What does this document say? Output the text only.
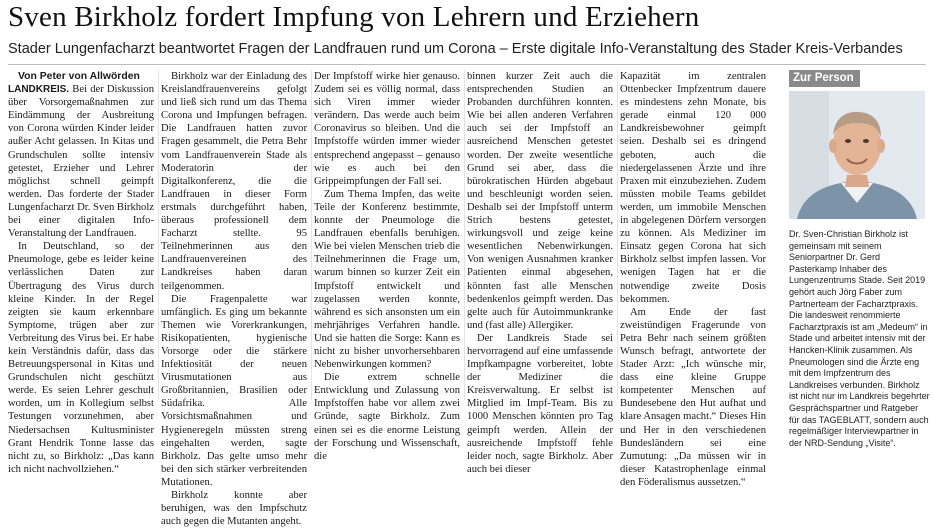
Sven Birkholz fordert Impfung von Lehrern und Erziehern
Stader Lungenfacharzt beantwortet Fragen der Landfrauen rund um Corona – Erste digitale Info-Veranstaltung des Stader Kreis-Verbandes

Von Peter von Allwörden

LANDKREIS. Bei der Diskussion über Vorsorgemaßnahmen zur Eindämmung der Ausbreitung von Corona würden Kinder leider außer Acht gelassen. In Kitas und Grundschulen sollte intensiv getestet, Erzieher und Lehrer möglichst schnell geimpft werden. Das forderte der Stader Lungenfacharzt Dr. Sven Birkholz bei einer digitalen Info-Veranstaltung der Landfrauen.

In Deutschland, so der Pneumologe, gebe es leider keine verlässlichen Daten zur Übertragung des Virus durch kleine Kinder. In der Regel zeigten sie kaum erkennbare Symptome, trügen aber zur Verbreitung des Virus bei. Er habe kein Verständnis dafür, dass das Betreuungspersonal in Kitas und Grundschulen nicht geschützt werde. Es seien Lehrer geschult worden, um in Kollegium selbst Testungen vorzunehmen, aber Niedersachsen Kultusminister Grant Hendrik Tonne lasse das nicht zu, so Birkholz: „Das kann ich nicht nachvollziehen.“

Birkholz war der Einladung des Kreislandfrauenvereins gefolgt und ließ sich rund um das Thema Corona und Impfungen befragen. Die Landfrauen hatten zuvor Fragen gesammelt, die Petra Behr vom Landfrauenverein Stade als Moderatorin der Digitalkonferenz, die die Landfrauen in dieser Form erstmals durchgeführt haben, überaus professionell dem Facharzt stellte. 95 Teilnehmerinnen aus den Landfrauenvereinen des Landkreises haben daran teilgenommen.

Die Fragenpalette war umfänglich. Es ging um bekannte Themen wie Vorerkrankungen, Risikopatienten, hygienische Vorsorge oder die stärkere Infektiosität der neuen Virusmutationen aus Großbritannien, Brasilien oder Südafrika. Alle Vorsichtsmaßnahmen und Hygieneregeln müssten streng eingehalten werden, sagte Birkholz. Das gelte umso mehr bei den sich stärker verbreitenden Mutationen.

Birkholz konnte aber beruhigen, was den Impfschutz auch gegen die Mutanten angeht.

Der Impfstoff wirke hier genauso. Zudem sei es völlig normal, dass sich Viren immer wieder verändern. Das werde auch beim Coronavirus so bleiben. Und die Impfstoffe würden immer wieder entsprechend angepasst – genauso wie es auch bei den Grippeimpfungen der Fall sei.

Zum Thema Impfen, das weite Teile der Konferenz bestimmte, konnte der Pneumologe die Landfrauen ebenfalls beruhigen. Wie bei vielen Menschen trieb die Teilnehmerinnen die Frage um, warum binnen so kurzer Zeit ein Impfstoff entwickelt und zugelassen werden konnte, während es sich ansonsten um ein mehrjähriges Verfahren handle. Und sie hatten die Sorge: Kann es nicht zu bisher unvorhersehbaren Nebenwirkungen kommen?

Die extrem schnelle Entwicklung und Zulassung von Impfstoffen habe vor allem zwei Gründe, sagte Birkholz. Zum einen sei es die enorme Leistung der Forschung und Wissenschaft, die

binnen kurzer Zeit auch die entsprechenden Studien an Probanden durchführen konnten. Wie bei allen anderen Verfahren auch sei der Impfstoff an ausreichend Menschen getestet worden. Der zweite wesentliche Grund sei aber, dass die bürokratischen Hürden abgebaut und beschleunigt worden seien. Deshalb sei der Impfstoff unterm Strich bestens getestet, wirkungsvoll und zeige keine wesentlichen Nebenwirkungen. Von wenigen Ausnahmen kranker Patienten einmal abgesehen, könnten fast alle Menschen bedenkenlos geimpft werden. Das gelte auch für Autoimmunkranke und (fast alle) Allergiker.

Der Landkreis Stade sei hervorragend auf eine umfassende Impfkampagne vorbereitet, lobte der Mediziner die Kreisverwaltung. Er selbst ist Mitglied im Impf-Team. Bis zu 1000 Menschen könnten pro Tag geimpft werden. Allein der ausreichende Impfstoff fehle leider noch, sagte Birkholz. Aber auch bei dieser

Kapazität im zentralen Ottenbecker Impfzentrum dauere es mindestens zehn Monate, bis gerade einmal 120 000 Landkreisbewohner geimpft seien. Deshalb sei es dringend geboten, auch die niedergelassenen Ärzte und ihre Praxen mit einzubeziehen. Zudem müssten mobile Teams gebildet werden, um immobile Menschen in abgelegenen Dörfern versorgen zu können. Als Mediziner im Einsatz gegen Corona hat sich Birkholz selbst impfen lassen. Vor wenigen Tagen hat er die notwendige zweite Dosis bekommen.

Am Ende der fast zweistündigen Fragerunde von Petra Behr nach seinem größten Wunsch befragt, antwortete der Stader Arzt: „Ich wünsche mir, dass eine kleine Gruppe kompetenter Menschen auf Bundesebene den Hut aufhat und klare Ansagen macht.“ Dieses Hin und Her in den verschiedenen Bundesländern sei eine Zumutung: „Da müssen wir in dieser Katastrophenlage einmal den Föderalismus aussetzen.“

Zur Person
Dr. Sven-Christian Birkholz ist gemeinsam mit seinem Seniorpartner Dr. Gerd Pasterkamp Inhaber des Lungenzentrums Stade. Seit 2019 gehört auch Jörg Faber zum Partnerteam der Facharztpraxis. Die landesweit renommierte Facharztpraxis ist am „Medeum“ in Stade und arbeitet intensiv mit der Hancken-Klinik zusammen. Als Pneumologen sind die Ärzte eng mit dem Impfzentrum des Landkreises verbunden. Birkholz ist nicht nur im Landkreis begehrter Gesprächspartner und Ratgeber für das TAGEBLATT, sondern auch regelmäßiger Interviewpartner in der NRD-Sendung „Visite“.
